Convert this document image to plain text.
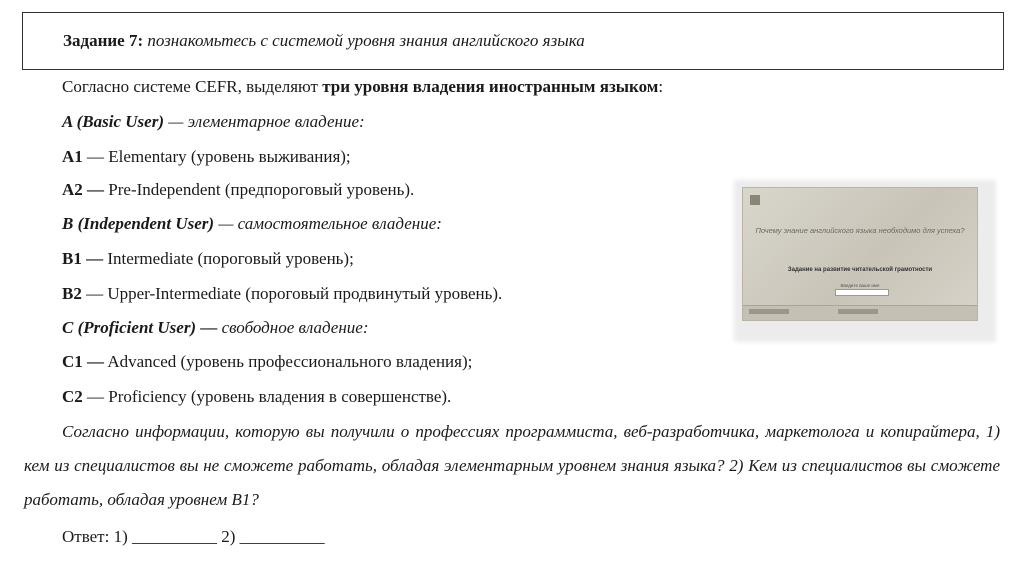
Задание 7: познакомьтесь с системой уровня знания английского языка
Согласно системе CEFR, выделяют три уровня владения иностранным языком:
A (Basic User) — элементарное владение:
A1 — Elementary (уровень выживания);
A2 — Pre-Independent (предпороговый уровень).
B (Independent User) — самостоятельное владение:
B1 — Intermediate (пороговый уровень);
B2 — Upper-Intermediate (пороговый продвинутый уровень).
C (Proficient User) — свободное владение:
C1 — Advanced (уровень профессионального владения);
C2 — Proficiency (уровень владения в совершенстве).
Согласно информации, которую вы получили о профессиях программиста, веб-разработчика, маркетолога и копирайтера, 1) кем из специалистов вы не сможете работать, обладая элементарным уровнем знания языка? 2) Кем из специалистов вы сможете работать, обладая уровнем B1?
Ответ: 1) __________ 2) __________
Почему знание английского языка необходимо для успеха?
Задание на развитие читательской грамотности
Введите ваше имя
